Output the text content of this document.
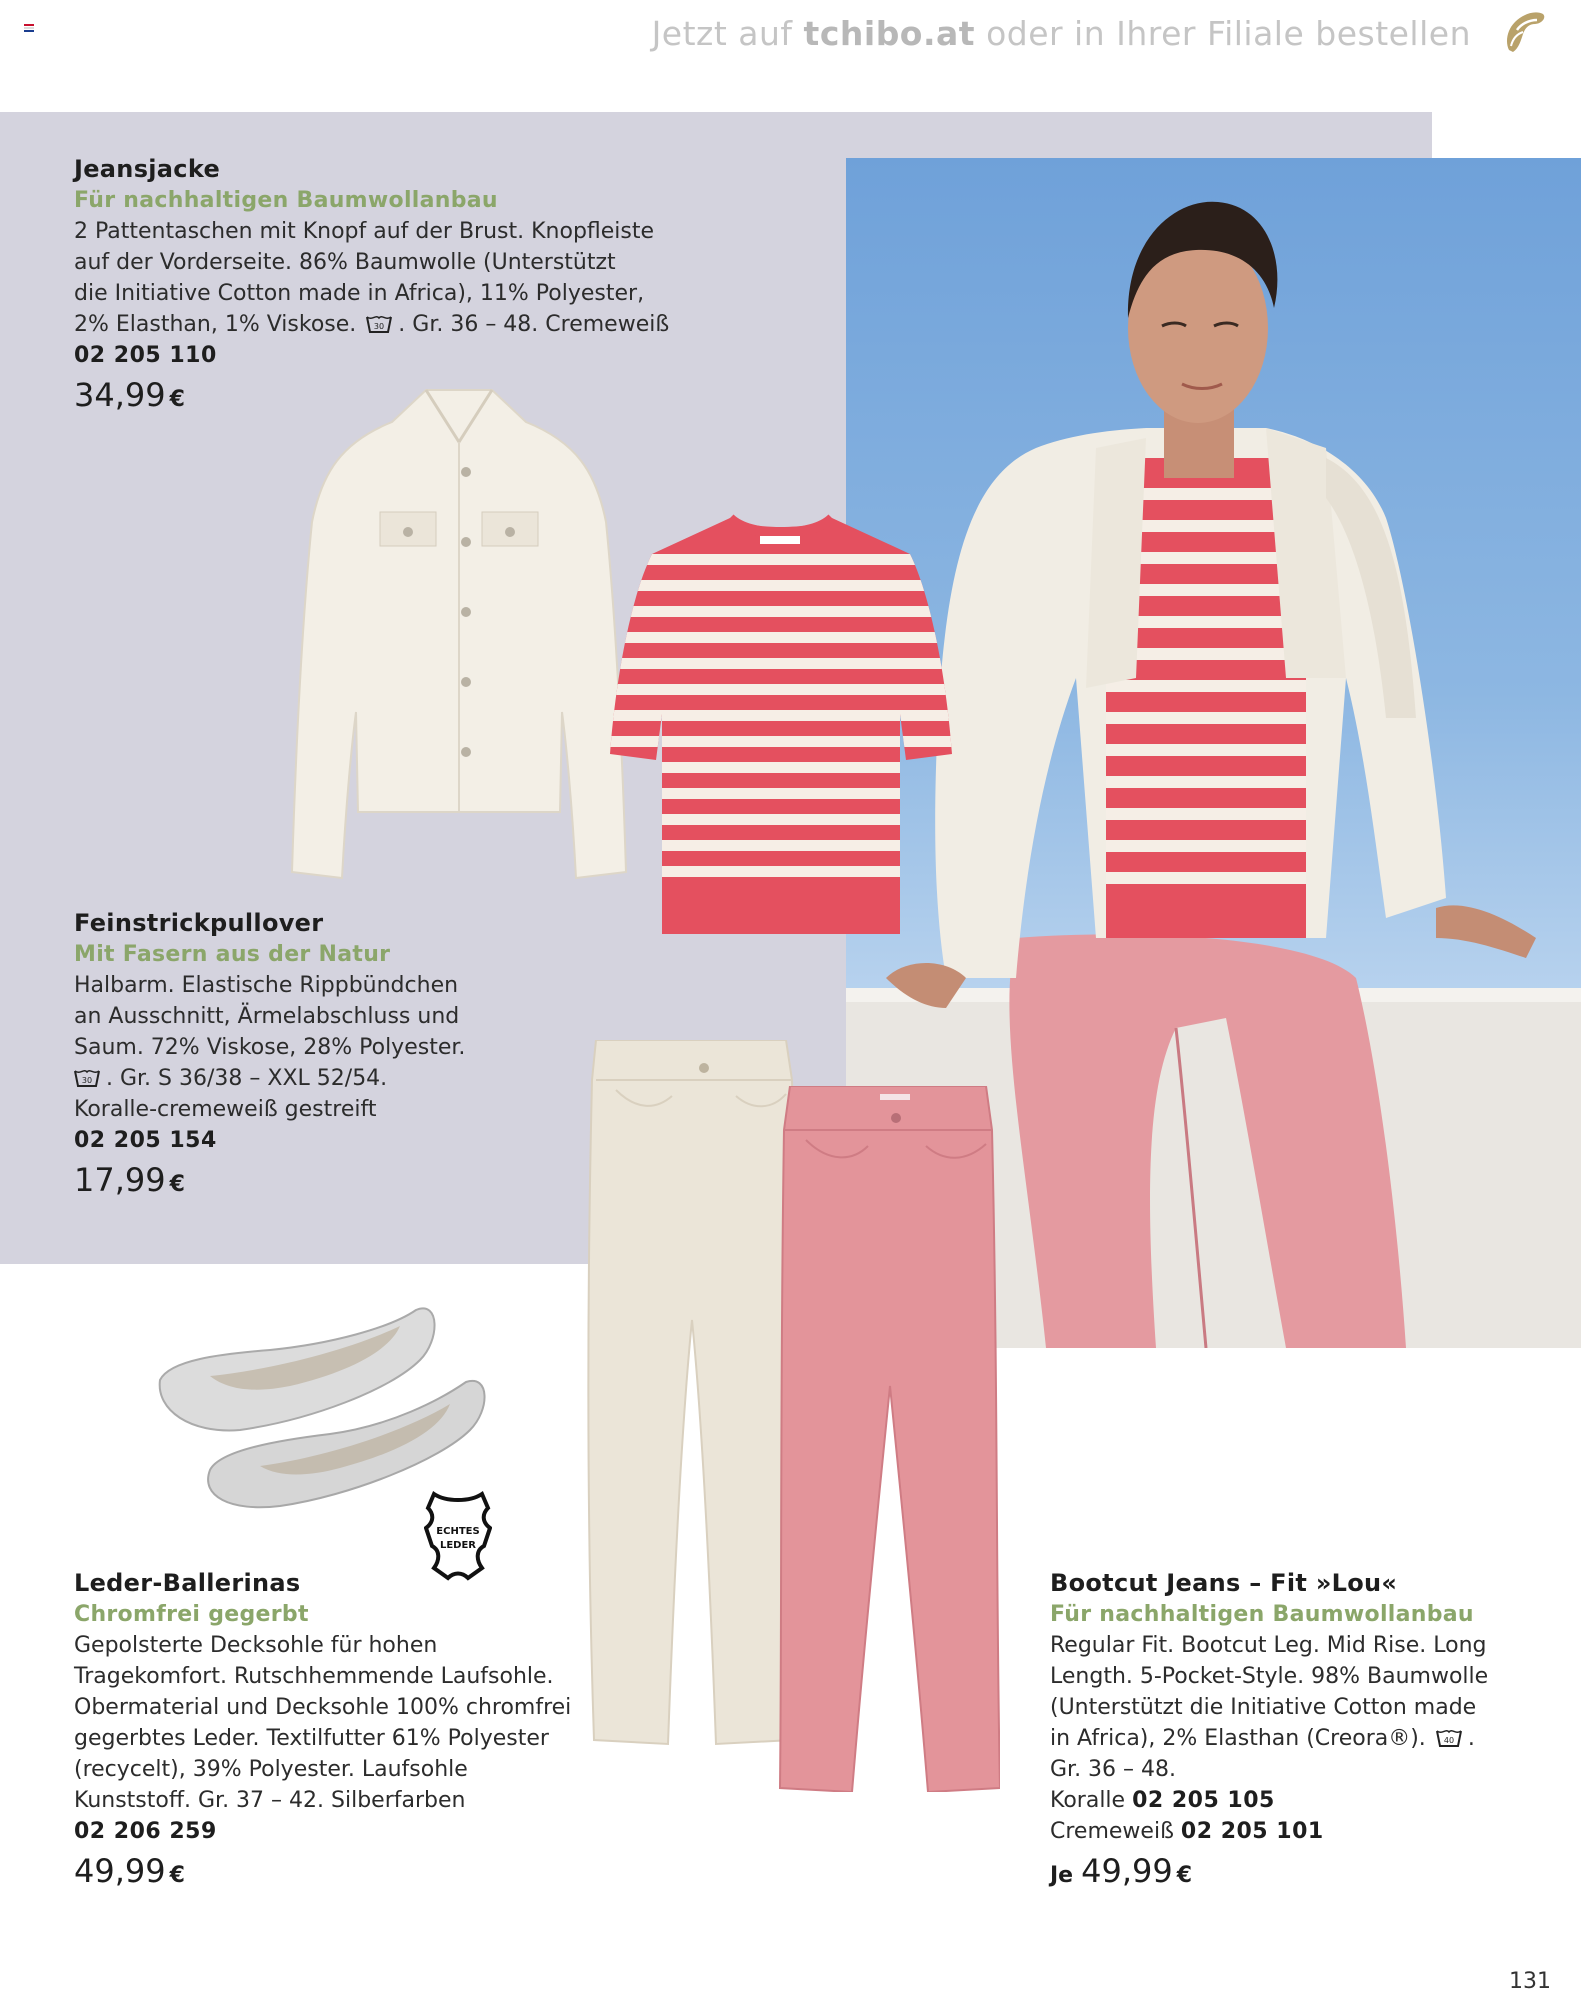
Jetzt auf tchibo.at oder in Ihrer Filiale bestellen
ECHTES
LEDER
Jeansjacke
Für nachhaltigen Baumwollanbau
2 Pattentaschen mit Knopf auf der Brust. Knopfleiste
auf der Vorderseite. 86% Baumwolle (Unterstützt
die Initiative Cotton made in Africa), 11% Polyester,
2% Elasthan, 1% Viskose. 30 . Gr. 36 – 48. Cremeweiß
02 205 110
34,99 €
Feinstrickpullover
Mit Fasern aus der Natur
Halbarm. Elastische Rippbündchen
an Ausschnitt, Ärmelabschluss und
Saum. 72% Viskose, 28% Polyester.
30 . Gr. S 36/38 – XXL 52/54.
Koralle-cremeweiß gestreift
02 205 154
17,99 €
Leder-Ballerinas
Chromfrei gegerbt
Gepolsterte Decksohle für hohen
Tragekomfort. Rutschhemmende Laufsohle.
Obermaterial und Decksohle 100% chromfrei
gegerbtes Leder. Textilfutter 61% Polyester
(recycelt), 39% Polyester. Laufsohle
Kunststoff. Gr. 37 – 42. Silberfarben
02 206 259
49,99 €
Bootcut Jeans – Fit »Lou«
Für nachhaltigen Baumwollanbau
Regular Fit. Bootcut Leg. Mid Rise. Long
Length. 5-Pocket-Style. 98% Baumwolle
(Unterstützt die Initiative Cotton made
in Africa), 2% Elasthan (Creora®). 40 .
Gr. 36 – 48.
Koralle 02 205 105
Cremeweiß 02 205 101
Je 49,99 €
131
